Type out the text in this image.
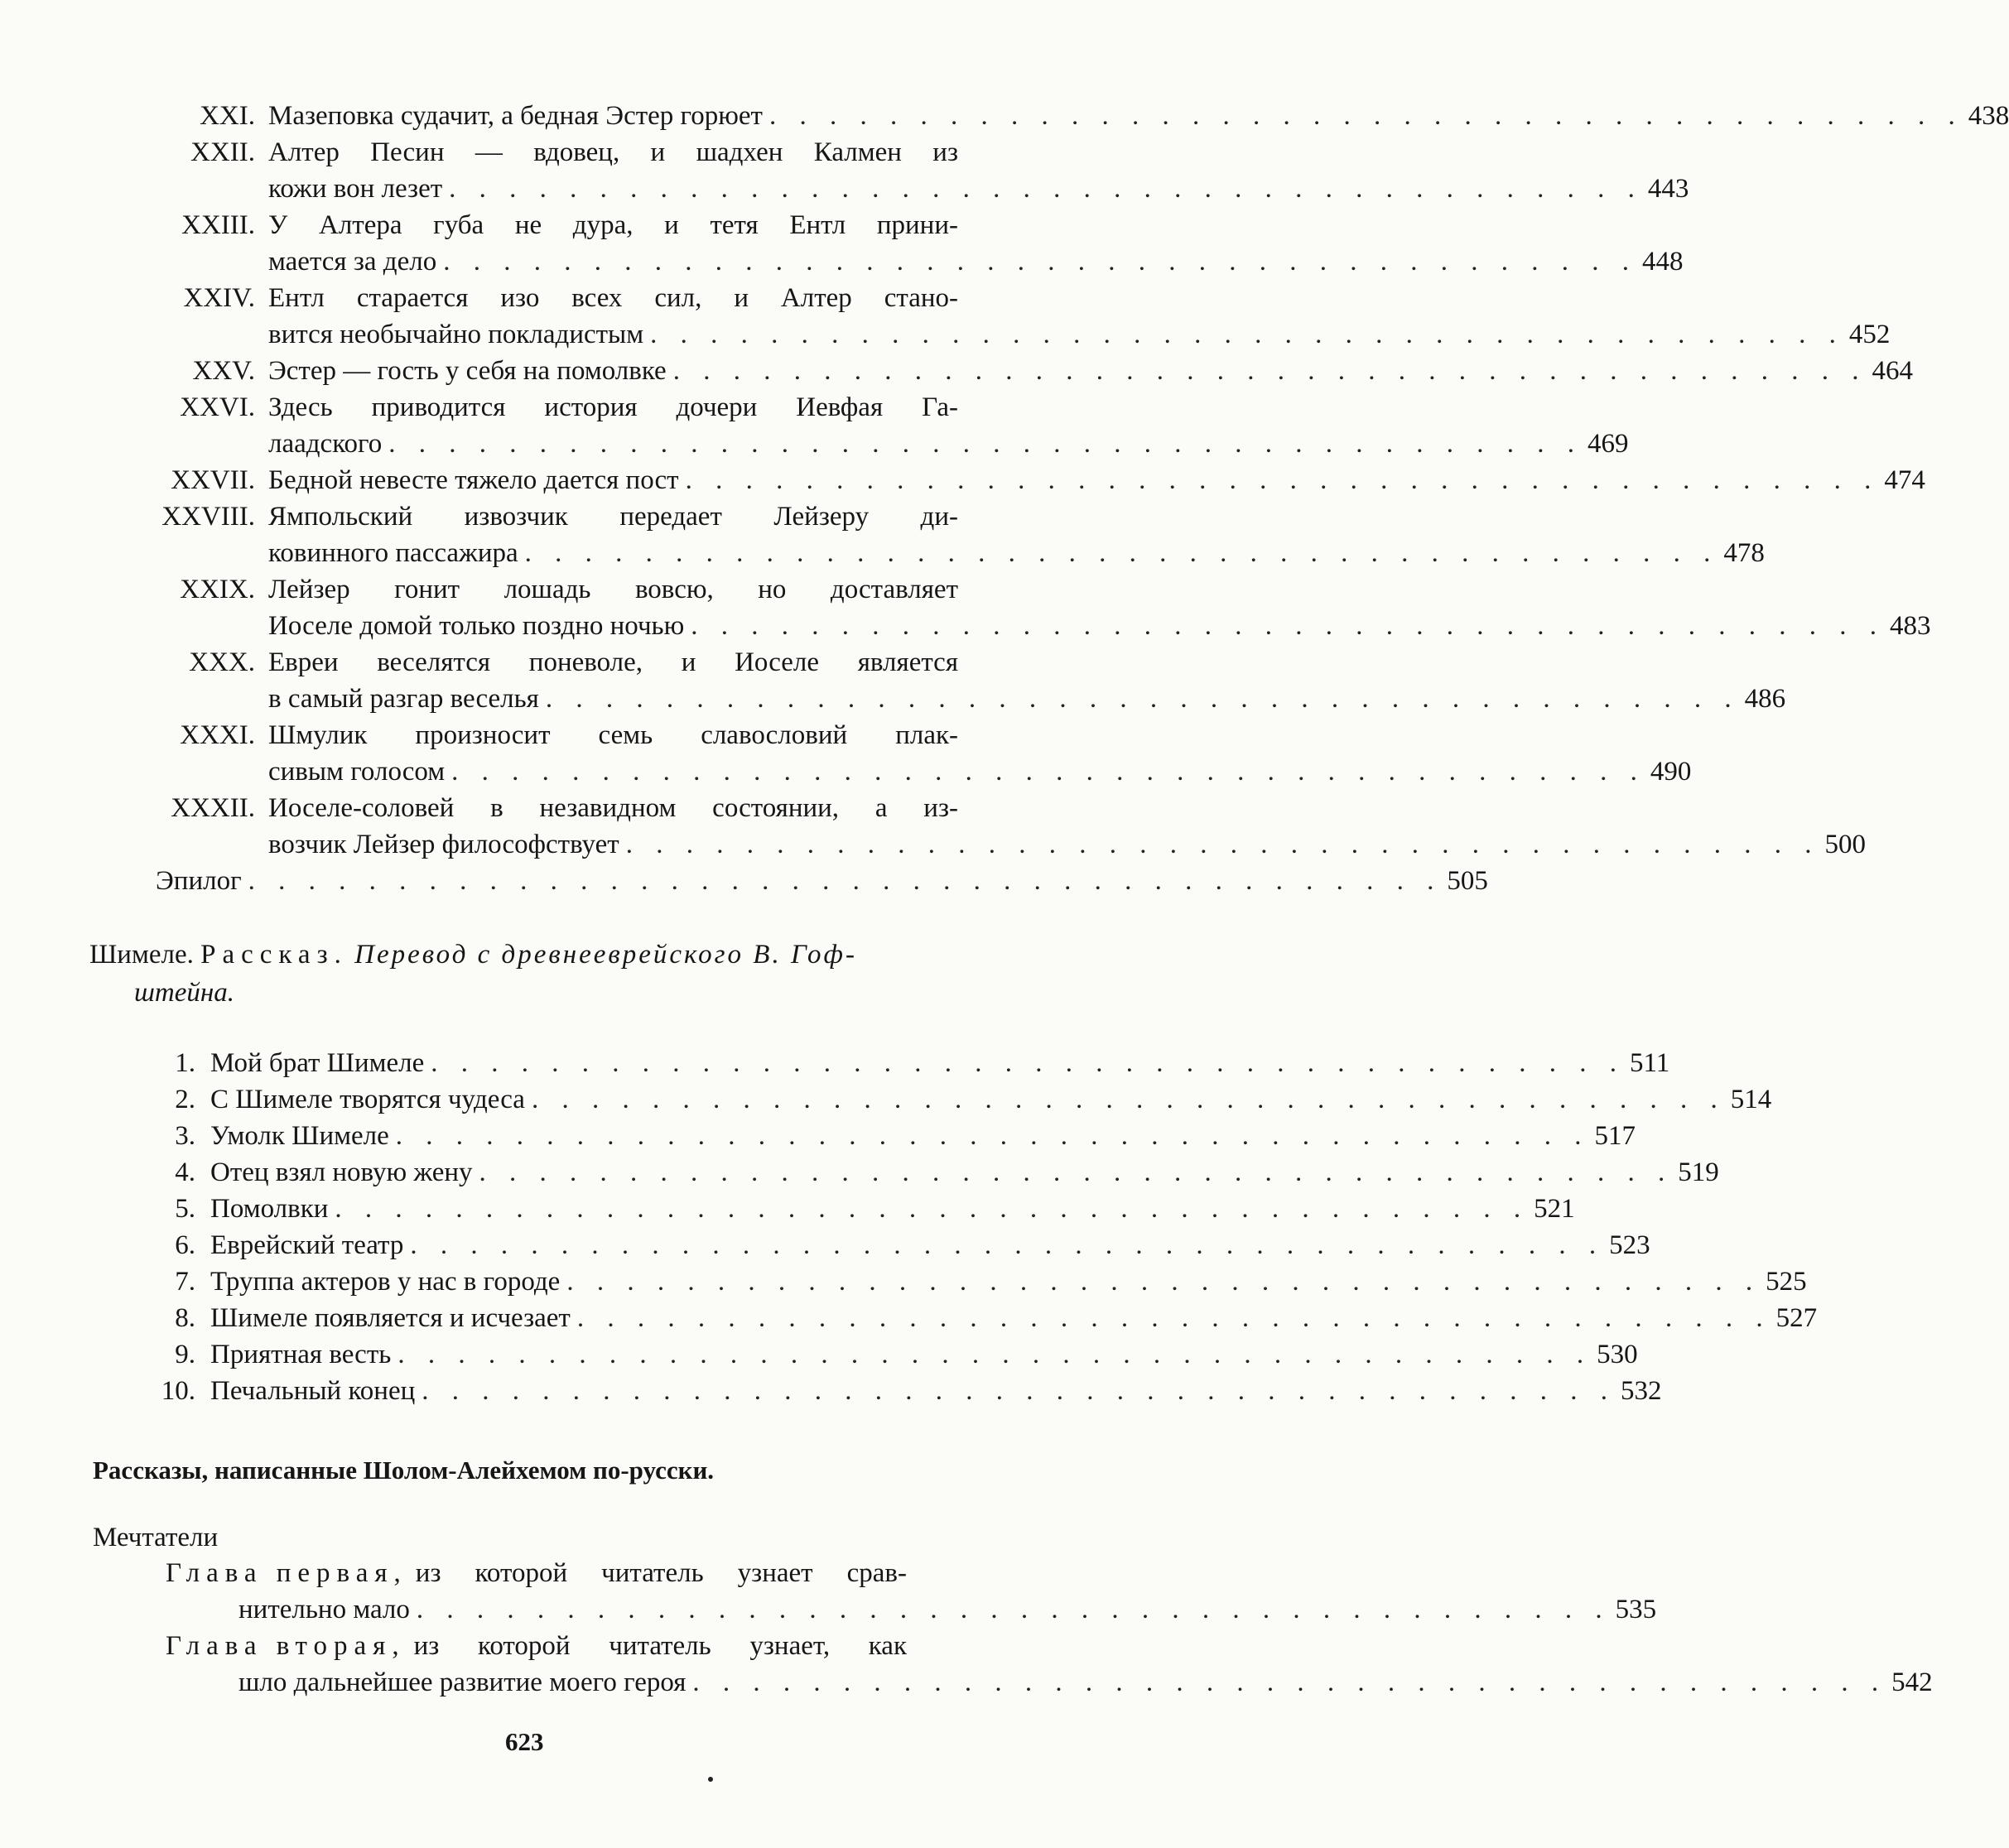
XXI. Мазеповка судачит, а бедная Эстер горюет . . . . . . . . . . . . . . . . . . . . . . . . . . . . . . . . . . . . . . . . 438
XXII. Алтер Песин — вдовец, и шадхен Калмен из
кожи вон лезет . . . . . . . . . . . . . . . . . . . . . . . . . . . . . . . . . . . . . . . . 443
XXIII. У Алтера губа не дура, и тетя Ентл прини-
мается за дело . . . . . . . . . . . . . . . . . . . . . . . . . . . . . . . . . . . . . . . . 448
XXIV. Ентл старается изо всех сил, и Алтер стано-
вится необычайно покладистым . . . . . . . . . . . . . . . . . . . . . . . . . . . . . . . . . . . . . . . . 452
XXV. Эстер — гость у себя на помолвке . . . . . . . . . . . . . . . . . . . . . . . . . . . . . . . . . . . . . . . . 464
XXVI. Здесь приводится история дочери Иевфая Га-
лаадского . . . . . . . . . . . . . . . . . . . . . . . . . . . . . . . . . . . . . . . . 469
XXVII. Бедной невесте тяжело дается пост . . . . . . . . . . . . . . . . . . . . . . . . . . . . . . . . . . . . . . . . 474
XXVIII. Ямпольский извозчик передает Лейзеру ди-
ковинного пассажира . . . . . . . . . . . . . . . . . . . . . . . . . . . . . . . . . . . . . . . . 478
XXIX. Лейзер гонит лошадь вовсю, но доставляет
Иоселе домой только поздно ночью . . . . . . . . . . . . . . . . . . . . . . . . . . . . . . . . . . . . . . . . 483
XXX. Евреи веселятся поневоле, и Иоселе является
в самый разгар веселья . . . . . . . . . . . . . . . . . . . . . . . . . . . . . . . . . . . . . . . . 486
XXXI. Шмулик произносит семь славословий плак-
сивым голосом . . . . . . . . . . . . . . . . . . . . . . . . . . . . . . . . . . . . . . . . 490
XXXII. Иоселе-соловей в незавидном состоянии, а из-
возчик Лейзер философствует . . . . . . . . . . . . . . . . . . . . . . . . . . . . . . . . . . . . . . . . 500
Эпилог . . . . . . . . . . . . . . . . . . . . . . . . . . . . . . . . . . . . . . . . 505
Шимеле. Рассказ. Перевод с древнееврейского В. Гоф-
штейна.
1. Мой брат Шимеле . . . . . . . . . . . . . . . . . . . . . . . . . . . . . . . . . . . . . . . . 511
2. С Шимеле творятся чудеса . . . . . . . . . . . . . . . . . . . . . . . . . . . . . . . . . . . . . . . . 514
3. Умолк Шимеле . . . . . . . . . . . . . . . . . . . . . . . . . . . . . . . . . . . . . . . . 517
4. Отец взял новую жену . . . . . . . . . . . . . . . . . . . . . . . . . . . . . . . . . . . . . . . . 519
5. Помолвки . . . . . . . . . . . . . . . . . . . . . . . . . . . . . . . . . . . . . . . . 521
6. Еврейский театр . . . . . . . . . . . . . . . . . . . . . . . . . . . . . . . . . . . . . . . . 523
7. Труппа актеров у нас в городе . . . . . . . . . . . . . . . . . . . . . . . . . . . . . . . . . . . . . . . . 525
8. Шимеле появляется и исчезает . . . . . . . . . . . . . . . . . . . . . . . . . . . . . . . . . . . . . . . . 527
9. Приятная весть . . . . . . . . . . . . . . . . . . . . . . . . . . . . . . . . . . . . . . . . 530
10. Печальный конец . . . . . . . . . . . . . . . . . . . . . . . . . . . . . . . . . . . . . . . . 532
Рассказы, написанные Шолом-Алейхемом по-русски.
Мечтатели
Глава первая, из которой читатель узнает срав-
нительно мало . . . . . . . . . . . . . . . . . . . . . . . . . . . . . . . . . . . . . . . . 535
Глава вторая, из которой читатель узнает, как
шло дальнейшее развитие моего героя . . . . . . . . . . . . . . . . . . . . . . . . . . . . . . . . . . . . . . . . 542
623
